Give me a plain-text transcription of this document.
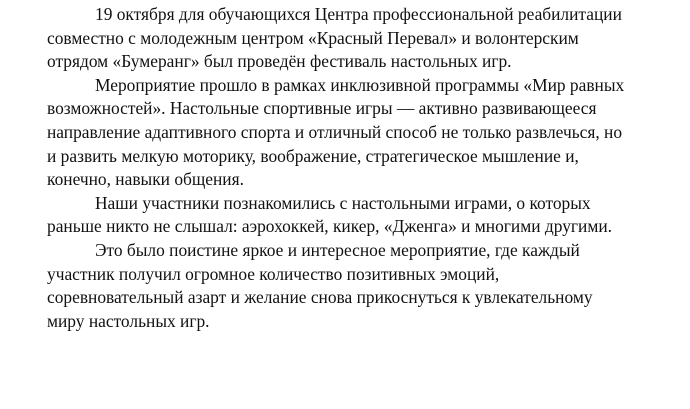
19 октября для обучающихся Центра профессиональной реабилитации
совместно с молодежным центром «Красный Перевал» и волонтерским
отрядом «Бумеранг» был проведён фестиваль настольных игр.

Мероприятие прошло в рамках инклюзивной программы «Мир равных
возможностей». Настольные спортивные игры — активно развивающееся
направление адаптивного спорта и отличный способ не только развлечься, но
и развить мелкую моторику, воображение, стратегическое мышление и,
конечно, навыки общения.

Наши участники познакомились с настольными играми, о которых
раньше никто не слышал: аэрохоккей, кикер, «Дженга» и многими другими.

Это было поистине яркое и интересное мероприятие, где каждый
участник получил огромное количество позитивных эмоций,
соревновательный азарт и желание снова прикоснуться к увлекательному
миру настольных игр.
